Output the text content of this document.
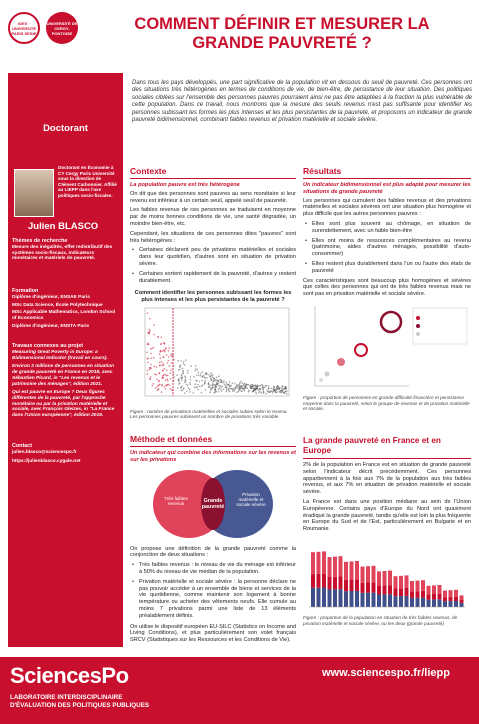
IDEX · UNIVERSITÉ PARIS SEINE
UNIVERSITÉ DE CERGY-PONTOISE	COMMENT DÉFINIR ET MESURER LA
GRANDE PAUVRETÉ ?
Dans tous les pays développés, une part significative de la population vit en dessous du seuil de pauvreté. Ces personnes ont des situations très hétérogènes en termes de conditions de vie, de bien-être, de persistance de leur situation. Des politiques sociales ciblées sur l'ensemble des personnes pauvres pourraient ainsi ne pas être adaptées à la fraction la plus vulnérable de cette population. Dans ce travail, nous montrons que la mesure des seuils revenus n'est pas suffisante pour identifier les personnes subissant les formes les plus intenses et les plus persistantes de la pauvreté, et proposons un indicateur de grande pauvreté bidimensionnel, combinant faibles revenus et privation matérielle et sociale sévère.
Doctorant
Doctorant en Économie à CY Cergy Paris Université sous la direction de Clément Carbonnier. Affilié au LIEPP dans l'axe politiques socio-fiscales.
Julien BLASCO
Thèmes de recherche
Mesure des inégalités, effet redistributif des systèmes socio-fiscaux, indicateurs monétaires et matériels de pauvreté.
Formation
Diplôme d'ingénieur, ENSAE Paris
MSc Data Science, École Polytechnique
MSc Applicable Mathematics, London School of Economics
Diplôme d'ingénieur, ENSTA Paris
Travaux connexes au projet
Measuring Great Poverty in Europe: a Bidimensional Indicator (travail en cours).
Environ 2 millions de personnes en situation de grande pauvreté en France en 2018, avec Sébastien Picard, in "Les revenus et le patrimoine des ménages", édition 2021.
Qui est pauvre en Europe ? Deux figures différentes de la pauvreté, par l'approche monétaire ou par la privation matérielle et sociale, avec François Gleizes, in "La France dans l'Union européenne", édition 2019.
Contact
julien.blasco@sciencespo.fr
https://julienblasco.cygale.net
Contexte
La population pauvre est très hétérogène
On dit que des personnes sont pauvres au sens monétaire si leur revenu est inférieur à un certain seuil, appelé seuil de pauvreté.
Les faibles revenus de ces personnes se traduisent en moyenne par de moins bonnes conditions de vie, une santé dégradée, un moindre bien-être, etc.
Cependant, les situations de ces personnes dites "pauvres" sont très hétérogènes :
• Certaines déclarent peu de privations matérielles et sociales dans leur quotidien, d'autres sont en situation de privation sévère.
• Certaines sortent rapidement de la pauvreté, d'autres y restent durablement.
Comment identifier les personnes subissant les formes les plus intenses et les plus persistantes de la pauvreté ?
Figure : nombre de privations matérielles et sociales subies selon le revenu. Les personnes pauvres subissent un nombre de privations très variable.
Méthode et données
Un indicateur qui combine des informations sur les revenus et sur les privations
Très faibles revenus	Grande pauvreté
Privation matérielle et sociale sévère
On propose une définition de la grande pauvreté comme la conjonction de deux situations :
• Très faibles revenus : le niveau de vie du ménage est inférieur à 50% du niveau de vie médian de la population.
• Privation matérielle et sociale sévère : la personne déclare ne pas pouvoir accéder à un ensemble de biens et services de la vie quotidienne, comme maintenir son logement à bonne température ou acheter des vêtements neufs. Elle cumule au moins 7 privations parmi une liste de 13 éléments préalablement définis.
On utilise le dispositif européen EU-SILC (Statistics on Income and Living Conditions), et plus particulièrement son volet français SRCV (Statistiques sur les Ressources et les Conditions de Vie).
Résultats
Un indicateur bidimensionnel est plus adapté pour mesurer les situations de grande pauvreté
Les personnes qui cumulent des faibles revenus et des privations matérielles et sociales sévères ont une situation plus homogène et plus difficile que les autres personnes pauvres :
• Elles sont plus souvent au chômage, en situation de surendettement, avec un faible bien-être
• Elles ont moins de ressources complémentaires au revenu (patrimoine, aides d'autres ménages, possibilité d'auto-consommer)
• Elles restent plus durablement dans l'un ou l'autre des états de pauvreté
Ces caractéristiques sont beaucoup plus homogènes et sévères que celles des personnes qui ont de très faibles revenus mais ne sont pas en privation matérielle et sociale sévère.
Figure : proportion de personnes en grande difficulté financière et persistance moyenne dans la pauvreté, selon le groupe de revenus et de privation matérielle et sociale.
La grande pauvreté en France et en Europe
2% de la population en France est en situation de grande pauvreté selon l'indicateur décrit précédemment. Ces personnes appartiennent à la fois aux 7% de la population aux très faibles revenus, et aux 7% en situation de privation matérielle et sociale sévère.
La France est dans une position médiane au sein de l'Union Européenne. Certains pays d'Europe du Nord ont quasiment éradiqué la grande pauvreté, tandis qu'elle est loin la plus fréquente en Europe du Sud et de l'Est, particulièrement en Bulgarie et en Roumanie.
Figure : proportion de la population en situation de très faibles revenus, de privation matérielle et sociale sévère, ou les deux (grande pauvreté)
SciencesPo
LABORATOIRE INTERDISCIPLINAIRE
D'ÉVALUATION DES POLITIQUES PUBLIQUES
www.sciencespo.fr/liepp
